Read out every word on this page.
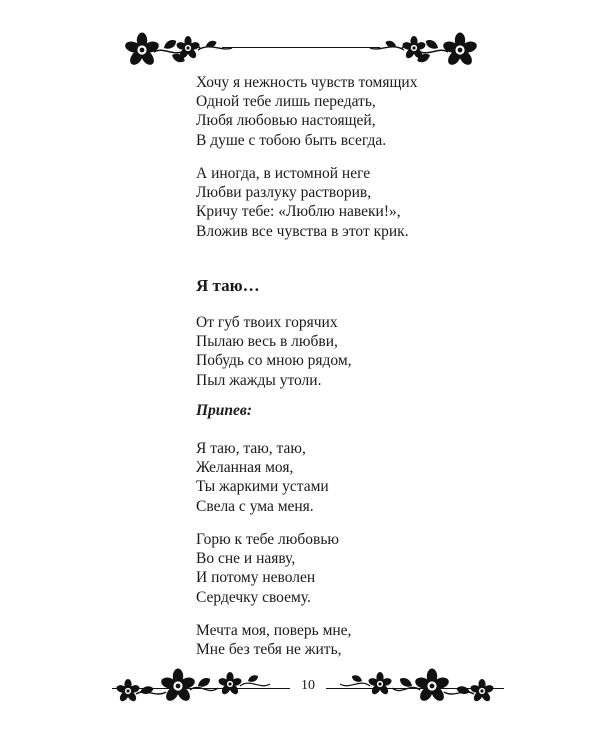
Хочу я нежность чувств томящих
Одной тебе лишь передать,
Любя любовью настоящей,
В душе с тобою быть всегда.
А иногда, в истомной неге
Любви разлуку растворив,
Кричу тебе: «Люблю навеки!»,
Вложив все чувства в этот крик.
Я таю…
От губ твоих горячих
Пылаю весь в любви,
Побудь со мною рядом,
Пыл жажды утоли.
Припев:
Я таю, таю, таю,
Желанная моя,
Ты жаркими устами
Свела с ума меня.
Горю к тебе любовью
Во сне и наяву,
И потому неволен
Сердечку своему.
Мечта моя, поверь мне,
Мне без тебя не жить,
10
